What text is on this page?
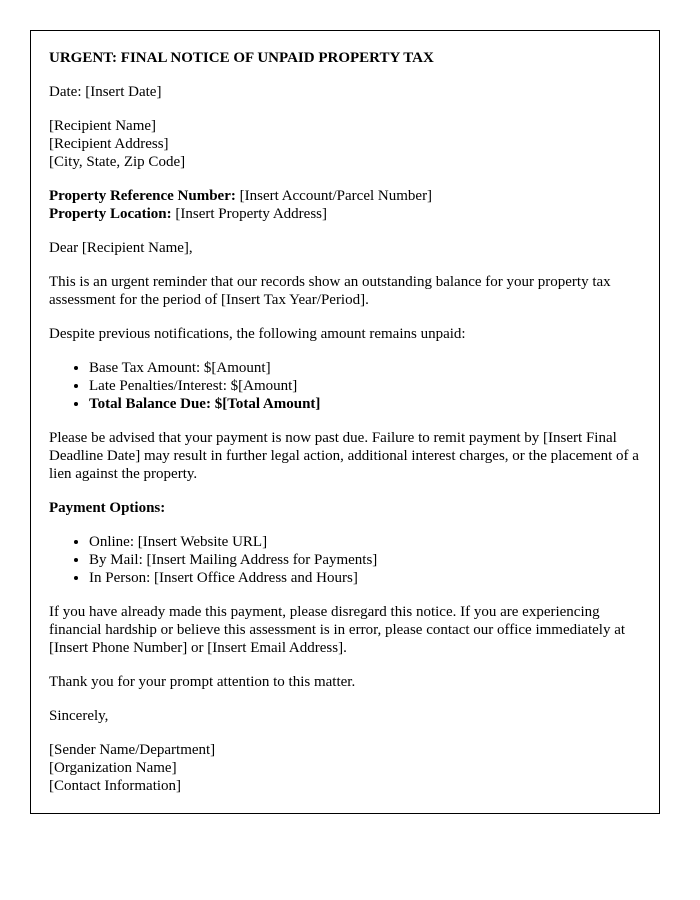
URGENT: FINAL NOTICE OF UNPAID PROPERTY TAX
Date: [Insert Date]
[Recipient Name]
[Recipient Address]
[City, State, Zip Code]
Property Reference Number: [Insert Account/Parcel Number]
Property Location: [Insert Property Address]
Dear [Recipient Name],
This is an urgent reminder that our records show an outstanding balance for your property tax assessment for the period of [Insert Tax Year/Period].
Despite previous notifications, the following amount remains unpaid:
• Base Tax Amount: $[Amount]
• Late Penalties/Interest: $[Amount]
• Total Balance Due: $[Total Amount]
Please be advised that your payment is now past due. Failure to remit payment by [Insert Final Deadline Date] may result in further legal action, additional interest charges, or the placement of a lien against the property.
Payment Options:
• Online: [Insert Website URL]
• By Mail: [Insert Mailing Address for Payments]
• In Person: [Insert Office Address and Hours]
If you have already made this payment, please disregard this notice. If you are experiencing financial hardship or believe this assessment is in error, please contact our office immediately at [Insert Phone Number] or [Insert Email Address].
Thank you for your prompt attention to this matter.
Sincerely,
[Sender Name/Department]
[Organization Name]
[Contact Information]
